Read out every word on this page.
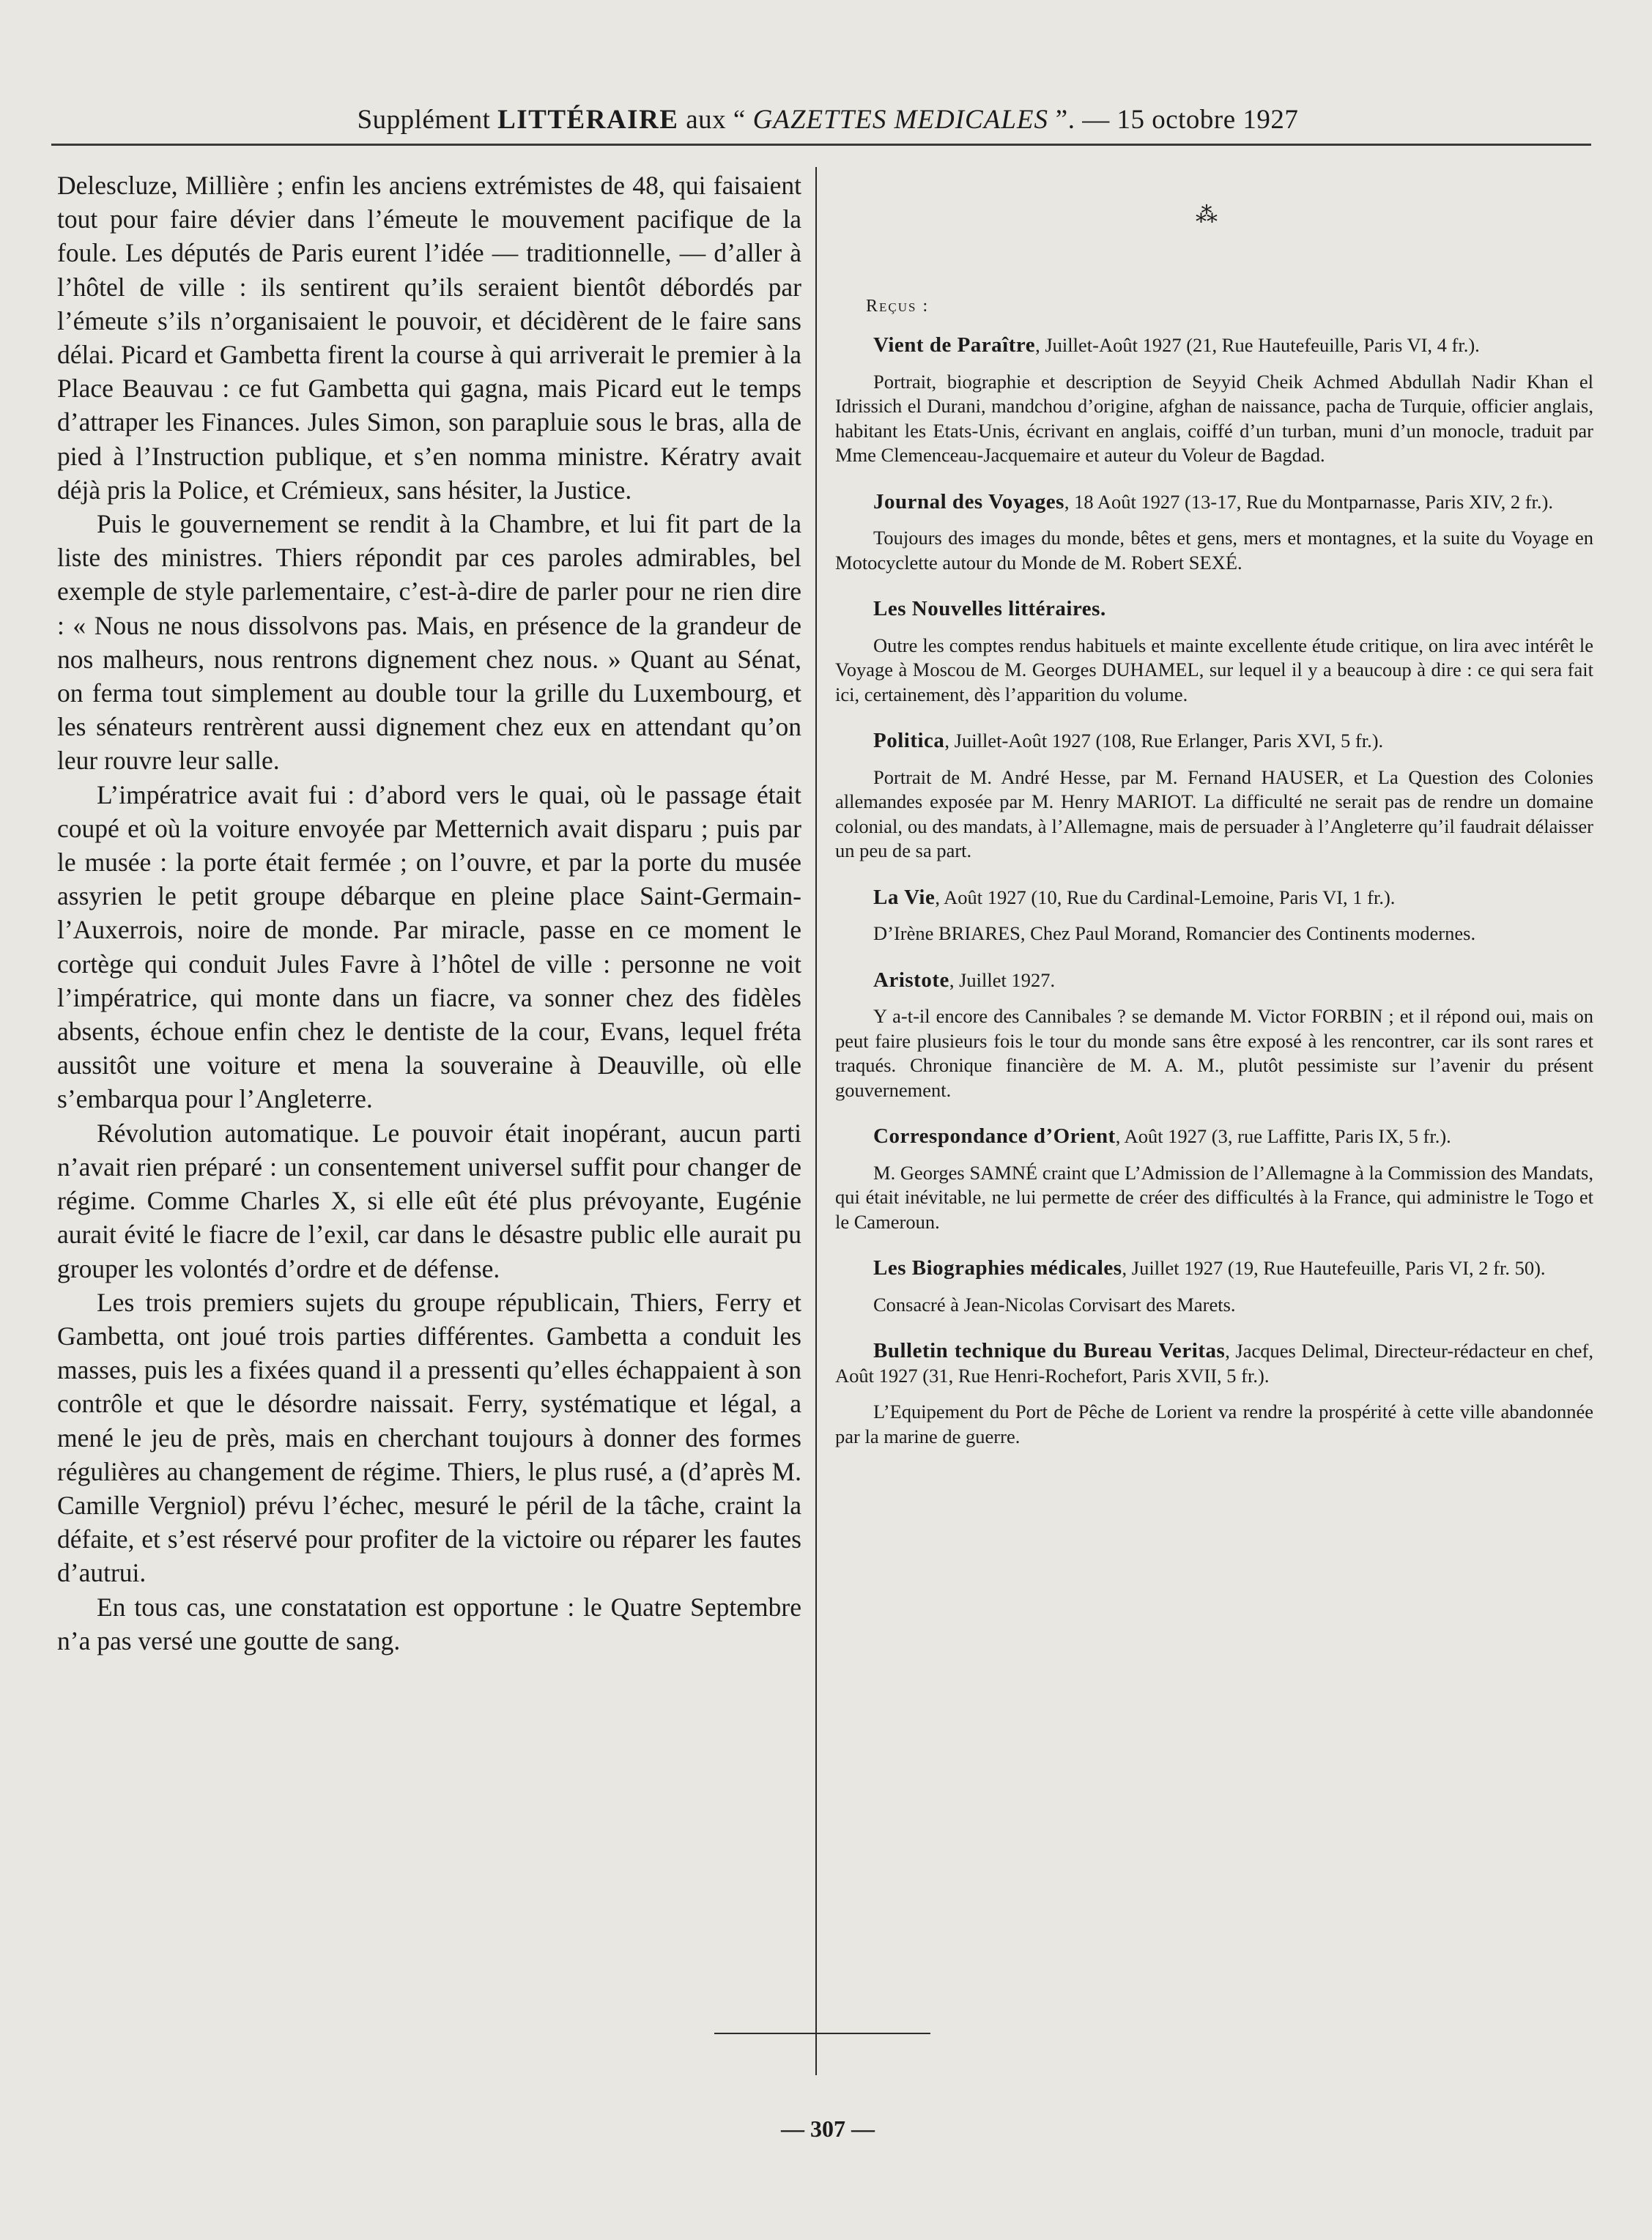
Supplément LITTÉRAIRE aux “ GAZETTES MEDICALES ”. — 15 octobre 1927

Delescluze, Millière ; enfin les anciens extrémistes de 48, qui faisaient tout pour faire dévier dans l’émeute le mouvement pacifique de la foule. Les députés de Paris eurent l’idée — traditionnelle, — d’aller à l’hôtel de ville : ils sentirent qu’ils seraient bientôt débordés par l’émeute s’ils n’organisaient le pouvoir, et décidèrent de le faire sans délai. Picard et Gambetta firent la course à qui arriverait le premier à la Place Beauvau : ce fut Gambetta qui gagna, mais Picard eut le temps d’attraper les Finances. Jules Simon, son parapluie sous le bras, alla de pied à l’Instruction publique, et s’en nomma ministre. Kératry avait déjà pris la Police, et Crémieux, sans hésiter, la Justice.

Puis le gouvernement se rendit à la Chambre, et lui fit part de la liste des ministres. Thiers répondit par ces paroles admirables, bel exemple de style parlementaire, c’est-à-dire de parler pour ne rien dire : « Nous ne nous dissolvons pas. Mais, en présence de la grandeur de nos malheurs, nous rentrons dignement chez nous. » Quant au Sénat, on ferma tout simplement au double tour la grille du Luxembourg, et les sénateurs rentrèrent aussi dignement chez eux en attendant qu’on leur rouvre leur salle.

L’impératrice avait fui : d’abord vers le quai, où le passage était coupé et où la voiture envoyée par Metternich avait disparu ; puis par le musée : la porte était fermée ; on l’ouvre, et par la porte du musée assyrien le petit groupe débarque en pleine place Saint-Germain-l’Auxerrois, noire de monde. Par miracle, passe en ce moment le cortège qui conduit Jules Favre à l’hôtel de ville : personne ne voit l’impératrice, qui monte dans un fiacre, va sonner chez des fidèles absents, échoue enfin chez le dentiste de la cour, Evans, lequel fréta aussitôt une voiture et mena la souveraine à Deauville, où elle s’embarqua pour l’Angleterre.

Révolution automatique. Le pouvoir était inopérant, aucun parti n’avait rien préparé : un consentement universel suffit pour changer de régime. Comme Charles X, si elle eût été plus prévoyante, Eugénie aurait évité le fiacre de l’exil, car dans le désastre public elle aurait pu grouper les volontés d’ordre et de défense.

Les trois premiers sujets du groupe républicain, Thiers, Ferry et Gambetta, ont joué trois parties différentes. Gambetta a conduit les masses, puis les a fixées quand il a pressenti qu’elles échappaient à son contrôle et que le désordre naissait. Ferry, systématique et légal, a mené le jeu de près, mais en cherchant toujours à donner des formes régulières au changement de régime. Thiers, le plus rusé, a (d’après M. Camille Vergniol) prévu l’échec, mesuré le péril de la tâche, craint la défaite, et s’est réservé pour profiter de la victoire ou réparer les fautes d’autrui.

En tous cas, une constatation est opportune : le Quatre Septembre n’a pas versé une goutte de sang.

⁂
Reçus :

Vient de Paraître, Juillet-Août 1927 (21, Rue Hautefeuille, Paris VI, 4 fr.).

Portrait, biographie et description de Seyyid Cheik Achmed Abdullah Nadir Khan el Idrissich el Durani, mandchou d’origine, afghan de naissance, pacha de Turquie, officier anglais, habitant les Etats-Unis, écrivant en anglais, coiffé d’un turban, muni d’un monocle, traduit par Mme Clemenceau-Jacquemaire et auteur du Voleur de Bagdad.

Journal des Voyages, 18 Août 1927 (13-17, Rue du Montparnasse, Paris XIV, 2 fr.).

Toujours des images du monde, bêtes et gens, mers et montagnes, et la suite du Voyage en Motocyclette autour du Monde de M. Robert SEXÉ.

Les Nouvelles littéraires.

Outre les comptes rendus habituels et mainte excellente étude critique, on lira avec intérêt le Voyage à Moscou de M. Georges DUHAMEL, sur lequel il y a beaucoup à dire : ce qui sera fait ici, certainement, dès l’apparition du volume.

Politica, Juillet-Août 1927 (108, Rue Erlanger, Paris XVI, 5 fr.).

Portrait de M. André Hesse, par M. Fernand HAUSER, et La Question des Colonies allemandes exposée par M. Henry MARIOT. La difficulté ne serait pas de rendre un domaine colonial, ou des mandats, à l’Allemagne, mais de persuader à l’Angleterre qu’il faudrait délaisser un peu de sa part.

La Vie, Août 1927 (10, Rue du Cardinal-Lemoine, Paris VI, 1 fr.).

D’Irène BRIARES, Chez Paul Morand, Romancier des Continents modernes.

Aristote, Juillet 1927.

Y a-t-il encore des Cannibales ? se demande M. Victor FORBIN ; et il répond oui, mais on peut faire plusieurs fois le tour du monde sans être exposé à les rencontrer, car ils sont rares et traqués. Chronique financière de M. A. M., plutôt pessimiste sur l’avenir du présent gouvernement.

Correspondance d’Orient, Août 1927 (3, rue Laffitte, Paris IX, 5 fr.).

M. Georges SAMNÉ craint que L’Admission de l’Allemagne à la Commission des Mandats, qui était inévitable, ne lui permette de créer des difficultés à la France, qui administre le Togo et le Cameroun.

Les Biographies médicales, Juillet 1927 (19, Rue Hautefeuille, Paris VI, 2 fr. 50).

Consacré à Jean-Nicolas Corvisart des Marets.

Bulletin technique du Bureau Veritas, Jacques Delimal, Directeur-rédacteur en chef, Août 1927 (31, Rue Henri-Rochefort, Paris XVII, 5 fr.).

L’Equipement du Port de Pêche de Lorient va rendre la prospérité à cette ville abandonnée par la marine de guerre.

— 307 —
